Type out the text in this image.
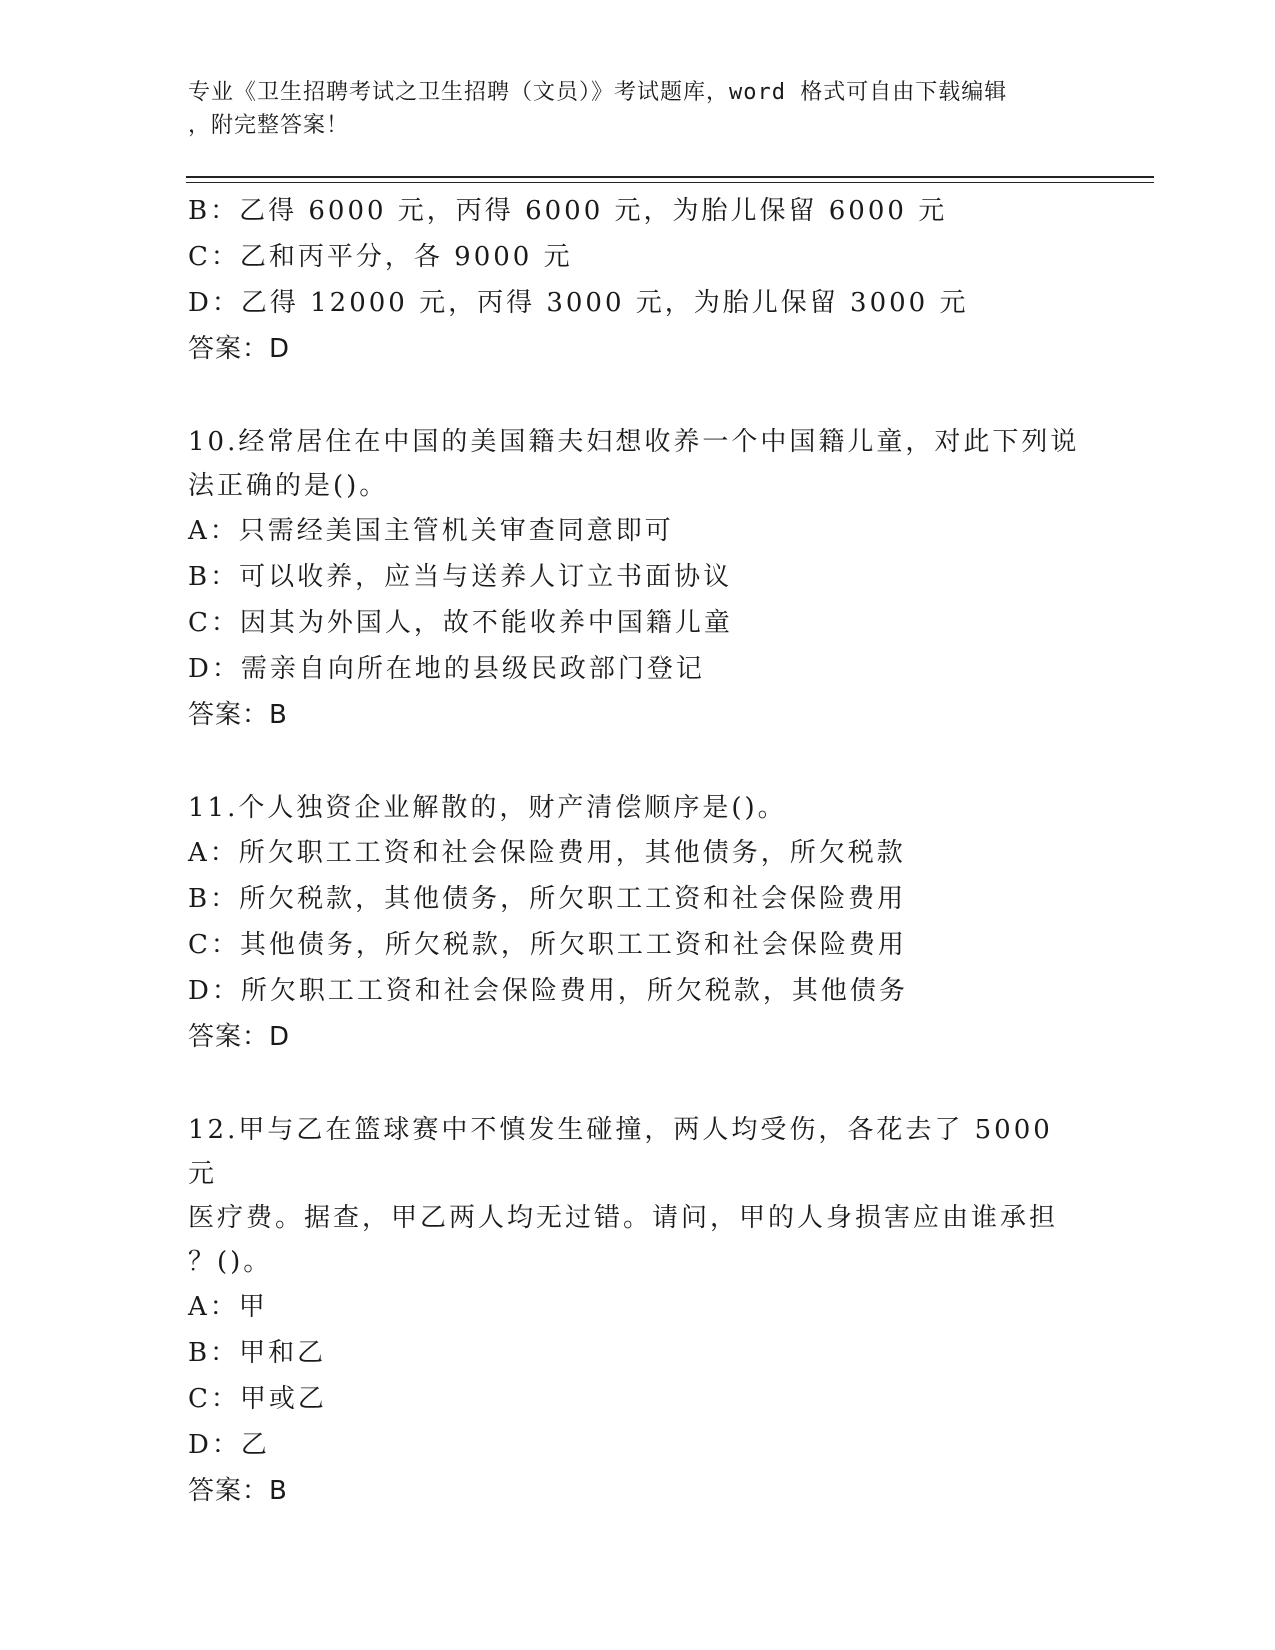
专业《卫生招聘考试之卫生招聘（文员）》考试题库，word 格式可自由下载编辑
，附完整答案！
B：乙得 6000 元，丙得 6000 元，为胎儿保留 6000 元
C：乙和丙平分，各 9000 元
D：乙得 12000 元，丙得 3000 元，为胎儿保留 3000 元
答案：D
10.经常居住在中国的美国籍夫妇想收养一个中国籍儿童，对此下列说
法正确的是()。
A：只需经美国主管机关审查同意即可
B：可以收养，应当与送养人订立书面协议
C：因其为外国人，故不能收养中国籍儿童
D：需亲自向所在地的县级民政部门登记
答案：B
11.个人独资企业解散的，财产清偿顺序是()。
A：所欠职工工资和社会保险费用，其他债务，所欠税款
B：所欠税款，其他债务，所欠职工工资和社会保险费用
C：其他债务，所欠税款，所欠职工工资和社会保险费用
D：所欠职工工资和社会保险费用，所欠税款，其他债务
答案：D
12.甲与乙在篮球赛中不慎发生碰撞，两人均受伤，各花去了 5000 元
医疗费。据查，甲乙两人均无过错。请问，甲的人身损害应由谁承担
？()。
A：甲
B：甲和乙
C：甲或乙
D：乙
答案：B
